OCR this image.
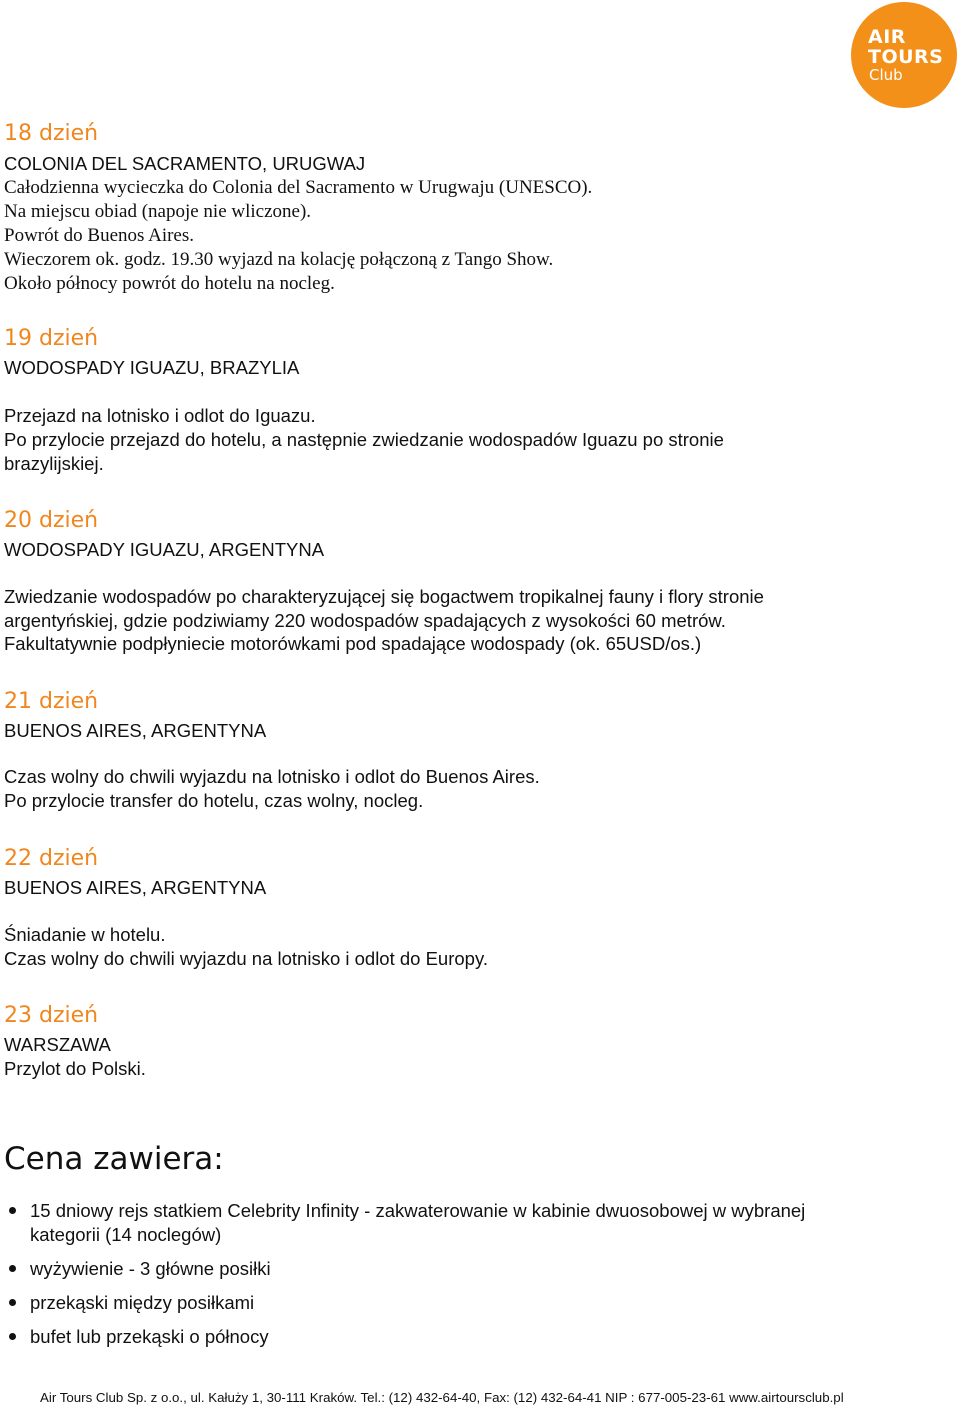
AIR
TOURS
Club
18 dzień
COLONIA DEL SACRAMENTO, URUGWAJ
Całodzienna wycieczka do Colonia del Sacramento w Urugwaju (UNESCO).
Na miejscu obiad (napoje nie wliczone).
Powrót do Buenos Aires.
Wieczorem ok. godz. 19.30 wyjazd na kolację połączoną z Tango Show.
Około północy powrót do hotelu na nocleg.
19 dzień
WODOSPADY IGUAZU, BRAZYLIA
Przejazd na lotnisko i odlot do Iguazu.
Po przylocie przejazd do hotelu, a następnie zwiedzanie wodospadów Iguazu po stronie
brazylijskiej.
20 dzień
WODOSPADY IGUAZU, ARGENTYNA
Zwiedzanie wodospadów po charakteryzującej się bogactwem tropikalnej fauny i flory stronie
argentyńskiej, gdzie podziwiamy 220 wodospadów spadających z wysokości 60 metrów.
Fakultatywnie podpłyniecie motorówkami pod spadające wodospady (ok. 65USD/os.)
21 dzień
BUENOS AIRES, ARGENTYNA
Czas wolny do chwili wyjazdu na lotnisko i odlot do Buenos Aires.
Po przylocie transfer do hotelu, czas wolny, nocleg.
22 dzień
BUENOS AIRES, ARGENTYNA
Śniadanie w hotelu.
Czas wolny do chwili wyjazdu na lotnisko i odlot do Europy.
23 dzień
WARSZAWA
Przylot do Polski.
Cena zawiera:
15 dniowy rejs statkiem Celebrity Infinity - zakwaterowanie w kabinie dwuosobowej w wybranej kategorii (14 noclegów)
wyżywienie - 3 główne posiłki
przekąski między posiłkami
bufet lub przekąski o północy
Air Tours Club Sp. z o.o., ul. Kałuży 1, 30-111 Kraków. Tel.: (12) 432-64-40, Fax: (12) 432-64-41 NIP : 677-005-23-61 www.airtoursclub.pl
